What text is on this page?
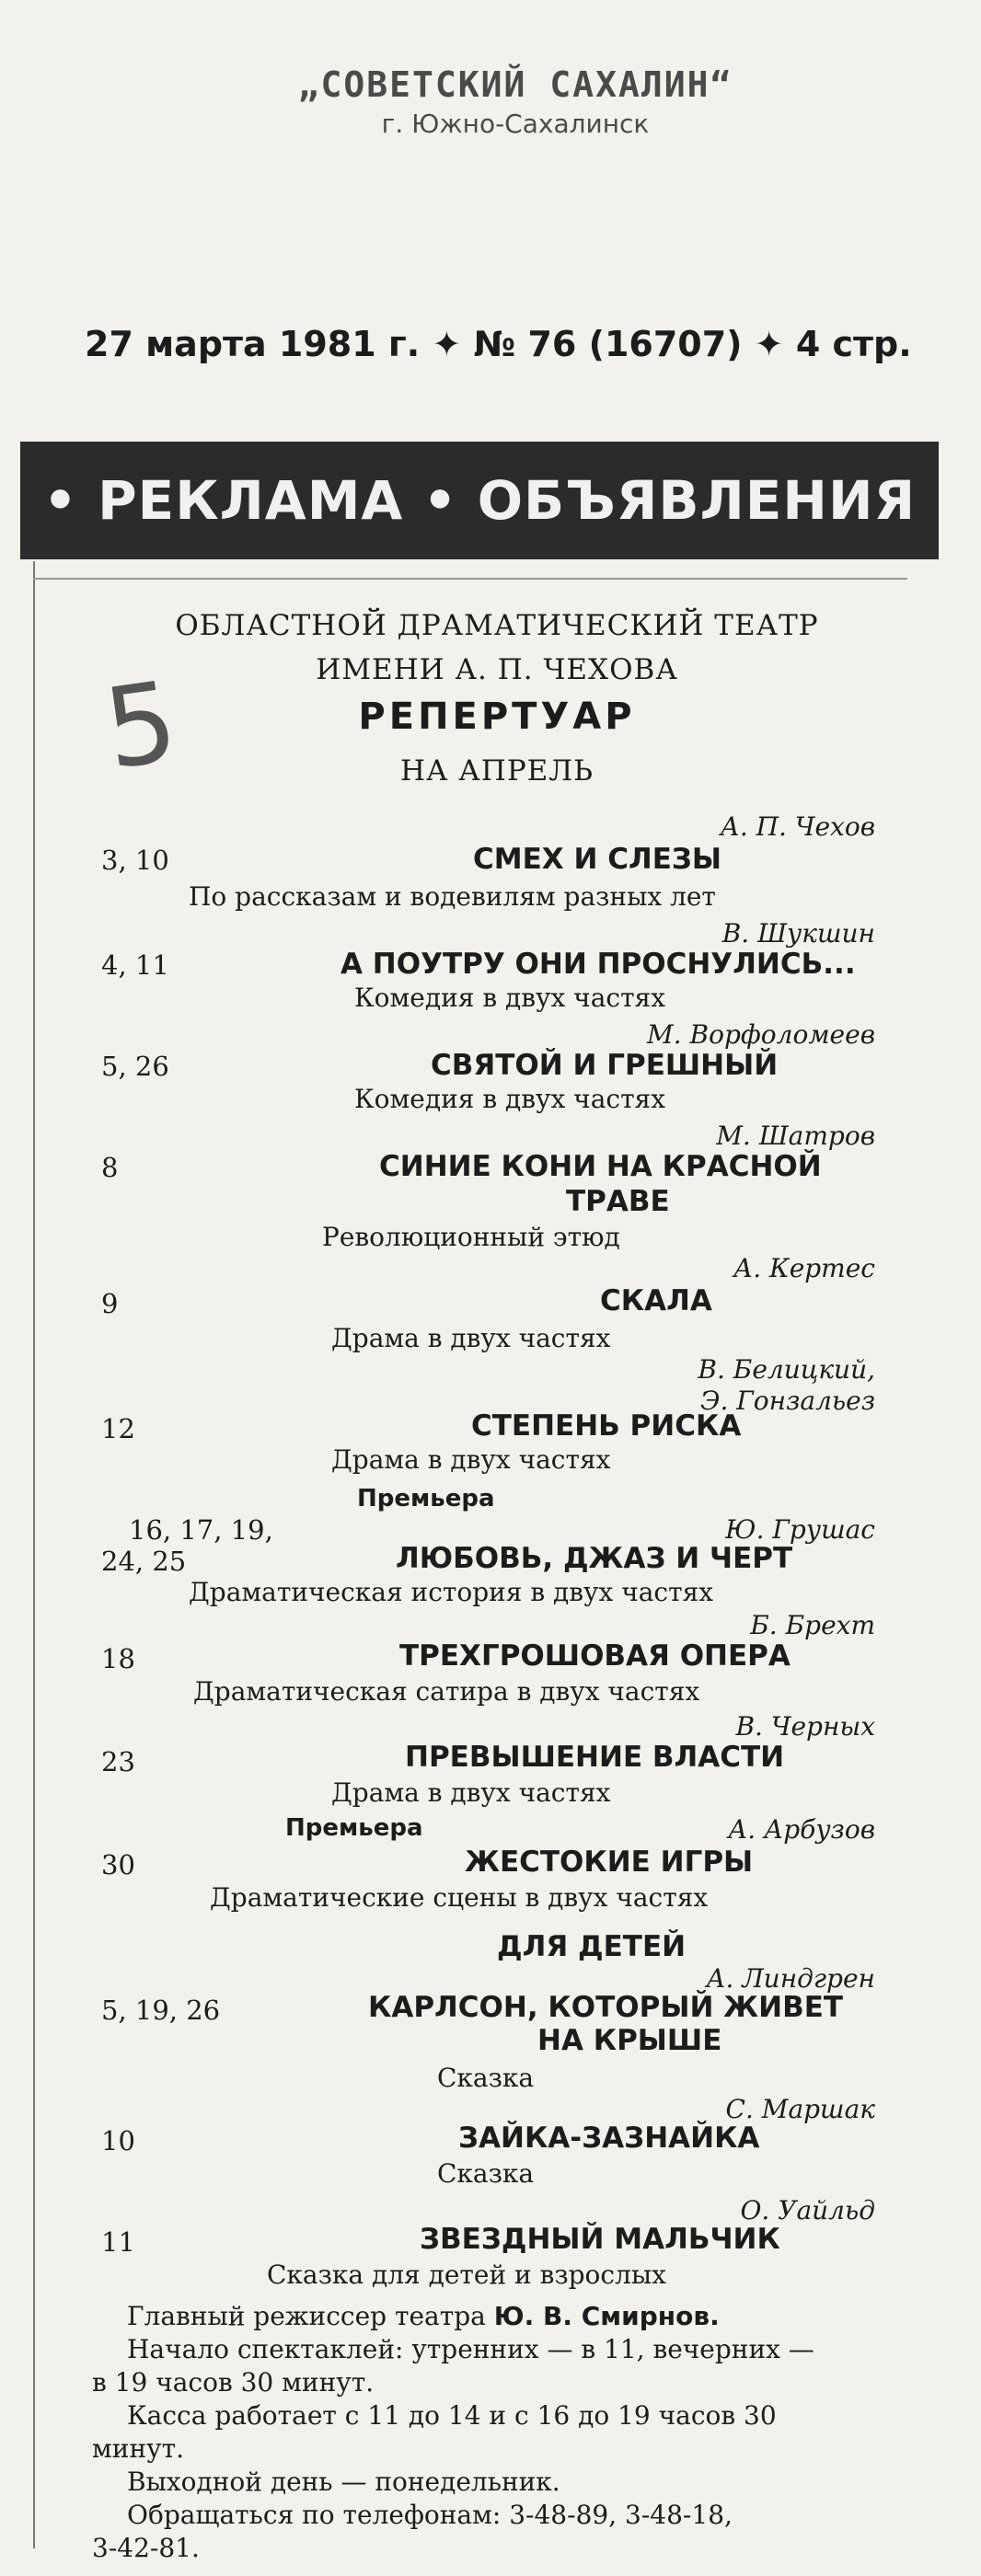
„СОВЕТСКИЙ САХАЛИН“
г. Южно-Сахалинск
27 марта 1981 г. ✦ № 76 (16707) ✦ 4 стр.
• РЕКЛАМА • ОБЪЯВЛЕНИЯ
5
ОБЛАСТНОЙ ДРАМАТИЧЕСКИЙ ТЕАТР
ИМЕНИ А. П. ЧЕХОВА
РЕПЕРТУАР
НА АПРЕЛЬ
А. П. Чехов
3, 10	СМЕХ И СЛЕЗЫ
По рассказам и водевилям разных лет
В. Шукшин
4, 11	А ПОУТРУ ОНИ ПРОСНУЛИСЬ...
Комедия в двух частях
М. Ворфоломеев
5, 26	СВЯТОЙ И ГРЕШНЫЙ
Комедия в двух частях
М. Шатров
8	СИНИЕ КОНИ НА КРАСНОЙ
ТРАВЕ
Революционный этюд
А. Кертес
9	СКАЛА
Драма в двух частях
В. Белицкий,
Э. Гонзальез
12	СТЕПЕНЬ РИСКА
Драма в двух частях
Премьера
Ю. Грушас
16, 17, 19,
24, 25	ЛЮБОВЬ, ДЖАЗ И ЧЕРТ
Драматическая история в двух частях
Б. Брехт
18	ТРЕХГРОШОВАЯ ОПЕРА
Драматическая сатира в двух частях
В. Черных
23	ПРЕВЫШЕНИЕ ВЛАСТИ
Драма в двух частях
Премьера	А. Арбузов
30	ЖЕСТОКИЕ ИГРЫ
Драматические сцены в двух частях
ДЛЯ ДЕТЕЙ
А. Линдгрен
5, 19, 26	КАРЛСОН, КОТОРЫЙ ЖИВЕТ
НА КРЫШЕ
Сказка
С. Маршак
10	ЗАЙКА-ЗАЗНАЙКА
Сказка
О. Уайльд
11	ЗВЕЗДНЫЙ МАЛЬЧИК
Сказка для детей и взрослых
Главный режиссер театра Ю. В. Смирнов.
Начало спектаклей: утренних — в 11, вечерних —
в 19 часов 30 минут.
Касса работает с 11 до 14 и с 16 до 19 часов 30
минут.
Выходной день — понедельник.
Обращаться по телефонам: 3-48-89, 3-48-18,
3-42-81.
